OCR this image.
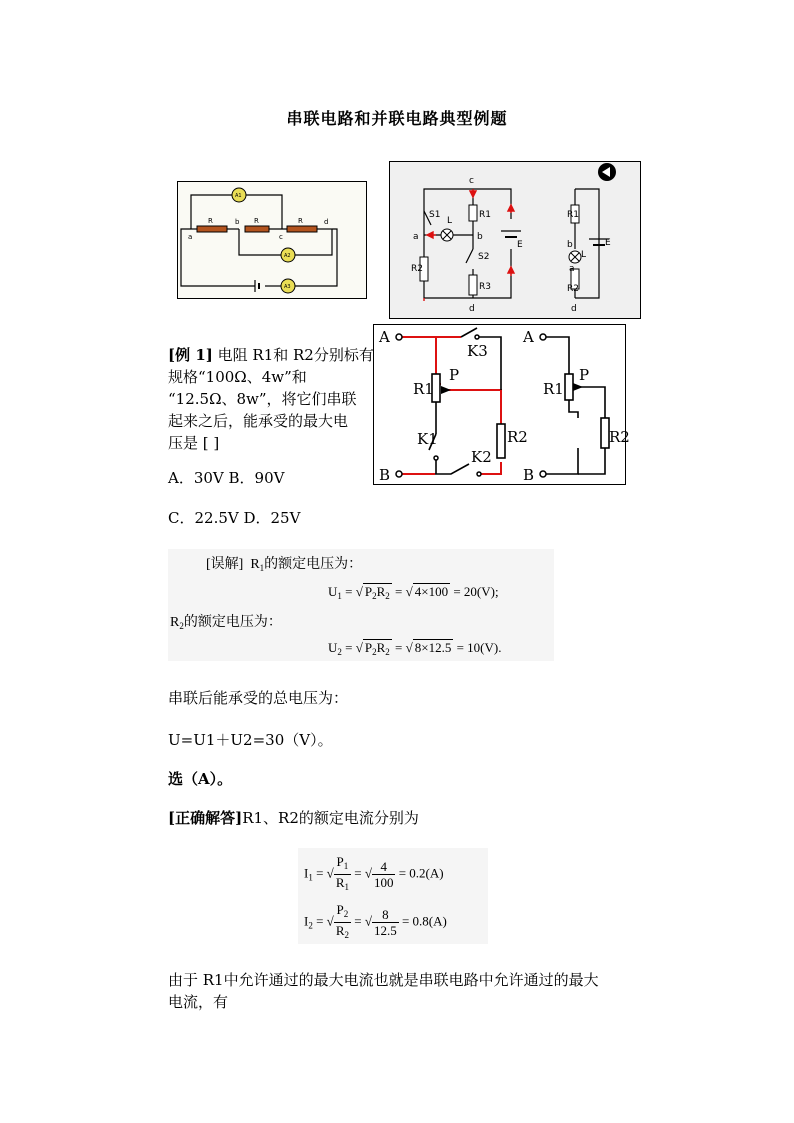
串联电路和并联电路典型例题
R	R	R
a
b
c
d
A1
A2
A3
S1
S2
R1
R2
R3
L
E
a	b
c
d
R1
R2
L
E
b
a
d
A
B
K3
K1
K2
R1
R2
P
A
B
R1
R2
P
[例 1] 电阻 R1和 R2分别标有
规格“100Ω、4w”和
“12.5Ω、8w”，将它们串联
起来之后，能承受的最大电
压是 [ ]
A．30V B．90V
C．22.5V D．25V
[误解]  $R_1$的额定电压为：
$U_1$ = √ $P_2R_2$ = √ 4×100 = 20(V);
$R_2$的额定电压为：
$U_2$ = √ $P_2R_2$ = √ 8×12.5 = 10(V).
串联后能承受的总电压为：
U=U1＋U2=30（V）。
选（A）。
[正确解答]R1、R2的额定电流分别为
$I_1$ = √ $\frac{P_1}{R_1}$ = √ $\frac{4}{100} = 0.2(A)$
$I_2$ = √ $\frac{P_2}{R_2}$ = √ $\frac{8}{12.5} = 0.8(A)$
由于 R1中允许通过的最大电流也就是串联电路中允许通过的最大
电流，有
